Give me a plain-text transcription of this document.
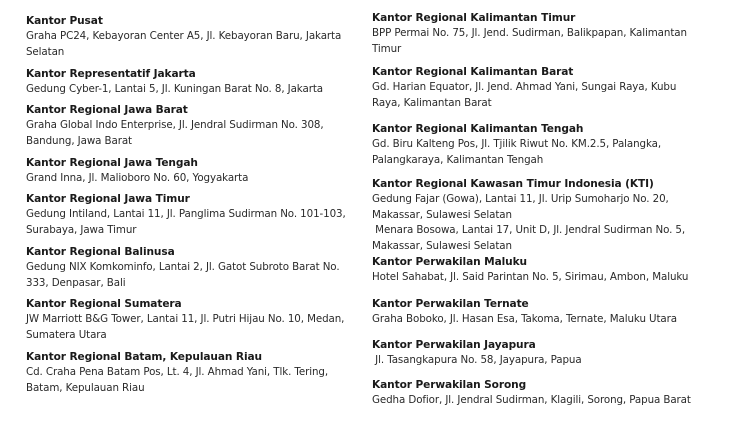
Kantor Pusat
Graha PC24, Kebayoran Center A5, Jl. Kebayoran Baru, Jakarta
Selatan
Kantor Representatif Jakarta
Gedung Cyber-1, Lantai 5, Jl. Kuningan Barat No. 8, Jakarta
Kantor Regional Jawa Barat
Graha Global Indo Enterprise, Jl. Jendral Sudirman No. 308,
Bandung, Jawa Barat
Kantor Regional Jawa Tengah
Grand Inna, Jl. Malioboro No. 60, Yogyakarta
Kantor Regional Jawa Timur
Gedung Intiland, Lantai 11, Jl. Panglima Sudirman No. 101-103,
Surabaya, Jawa Timur
Kantor Regional Balinusa
Gedung NIX Komkominfo, Lantai 2, Jl. Gatot Subroto Barat No.
333, Denpasar, Bali
Kantor Regional Sumatera
JW Marriott B&G Tower, Lantai 11, Jl. Putri Hijau No. 10, Medan,
Sumatera Utara
Kantor Regional Batam, Kepulauan Riau
Cd. Craha Pena Batam Pos, Lt. 4, Jl. Ahmad Yani, Tlk. Tering,
Batam, Kepulauan Riau
Kantor Regional Kalimantan Timur
BPP Permai No. 75, Jl. Jend. Sudirman, Balikpapan, Kalimantan
Timur
Kantor Regional Kalimantan Barat
Gd. Harian Equator, Jl. Jend. Ahmad Yani, Sungai Raya, Kubu
Raya, Kalimantan Barat
Kantor Regional Kalimantan Tengah
Gd. Biru Kalteng Pos, Jl. Tjilik Riwut No. KM.2.5, Palangka,
Palangkaraya, Kalimantan Tengah
Kantor Regional Kawasan Timur Indonesia (KTI)
Gedung Fajar (Gowa), Lantai 11, Jl. Urip Sumoharjo No. 20,
Makassar, Sulawesi Selatan
Menara Bosowa, Lantai 17, Unit D, Jl. Jendral Sudirman No. 5,
Makassar, Sulawesi Selatan
Kantor Perwakilan Maluku
Hotel Sahabat, Jl. Said Parintan No. 5, Sirimau, Ambon, Maluku
Kantor Perwakilan Ternate
Graha Boboko, Jl. Hasan Esa, Takoma, Ternate, Maluku Utara
Kantor Perwakilan Jayapura
Jl. Tasangkapura No. 58, Jayapura, Papua
Kantor Perwakilan Sorong
Gedha Dofior, Jl. Jendral Sudirman, Klagili, Sorong, Papua Barat
